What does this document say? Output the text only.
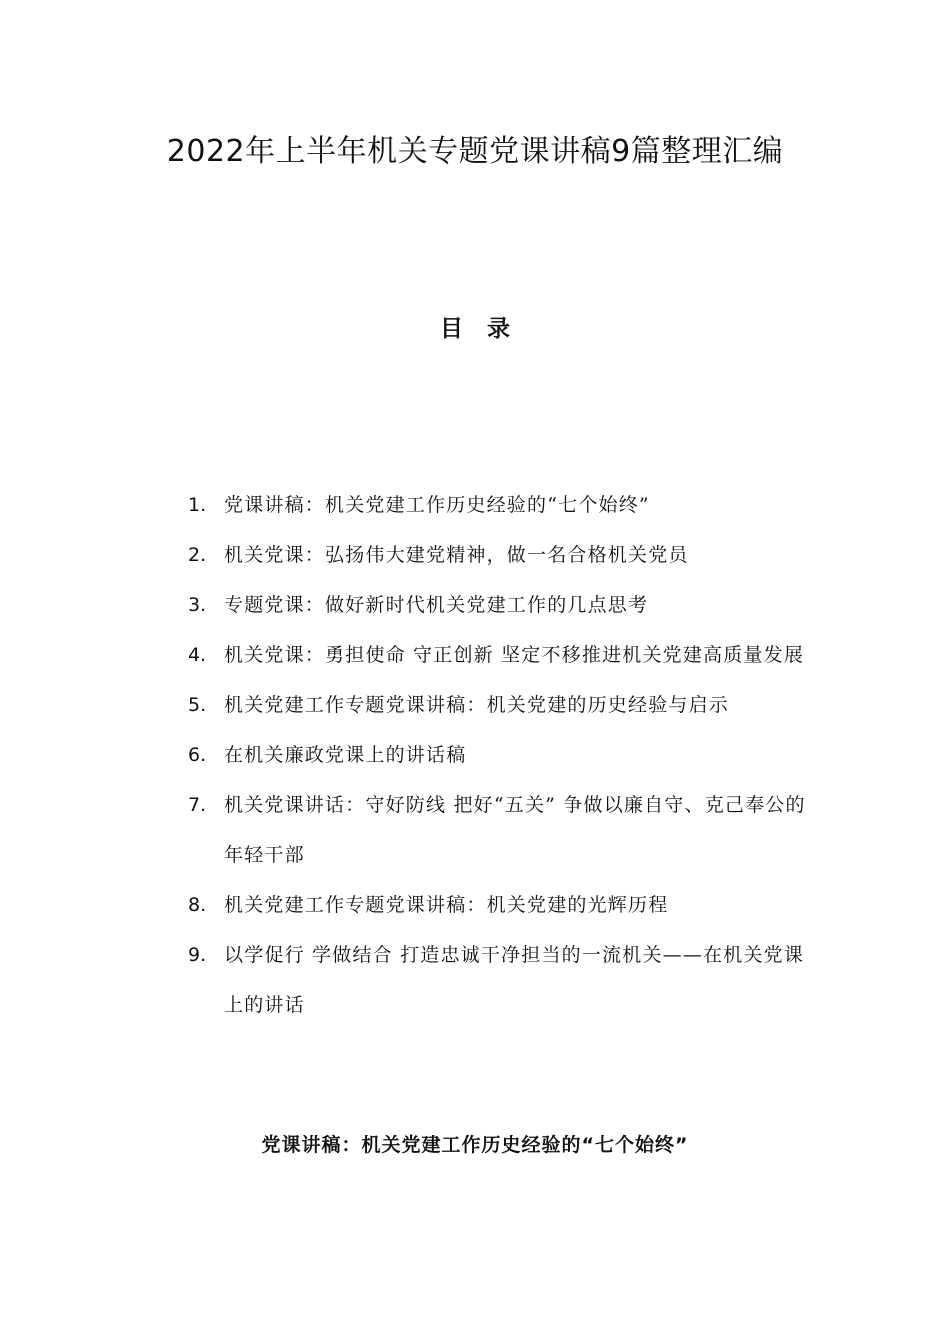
2022年上半年机关专题党课讲稿9篇整理汇编
目 录
1. 党课讲稿：机关党建工作历史经验的“七个始终”
2. 机关党课：弘扬伟大建党精神，做一名合格机关党员
3. 专题党课：做好新时代机关党建工作的几点思考
4. 机关党课：勇担使命 守正创新 坚定不移推进机关党建高质量发展
5. 机关党建工作专题党课讲稿：机关党建的历史经验与启示
6. 在机关廉政党课上的讲话稿
7. 机关党课讲话：守好防线 把好“五关” 争做以廉自守、克己奉公的年轻干部
8. 机关党建工作专题党课讲稿：机关党建的光辉历程
9. 以学促行 学做结合 打造忠诚干净担当的一流机关——在机关党课上的讲话
党课讲稿：机关党建工作历史经验的“七个始终”
